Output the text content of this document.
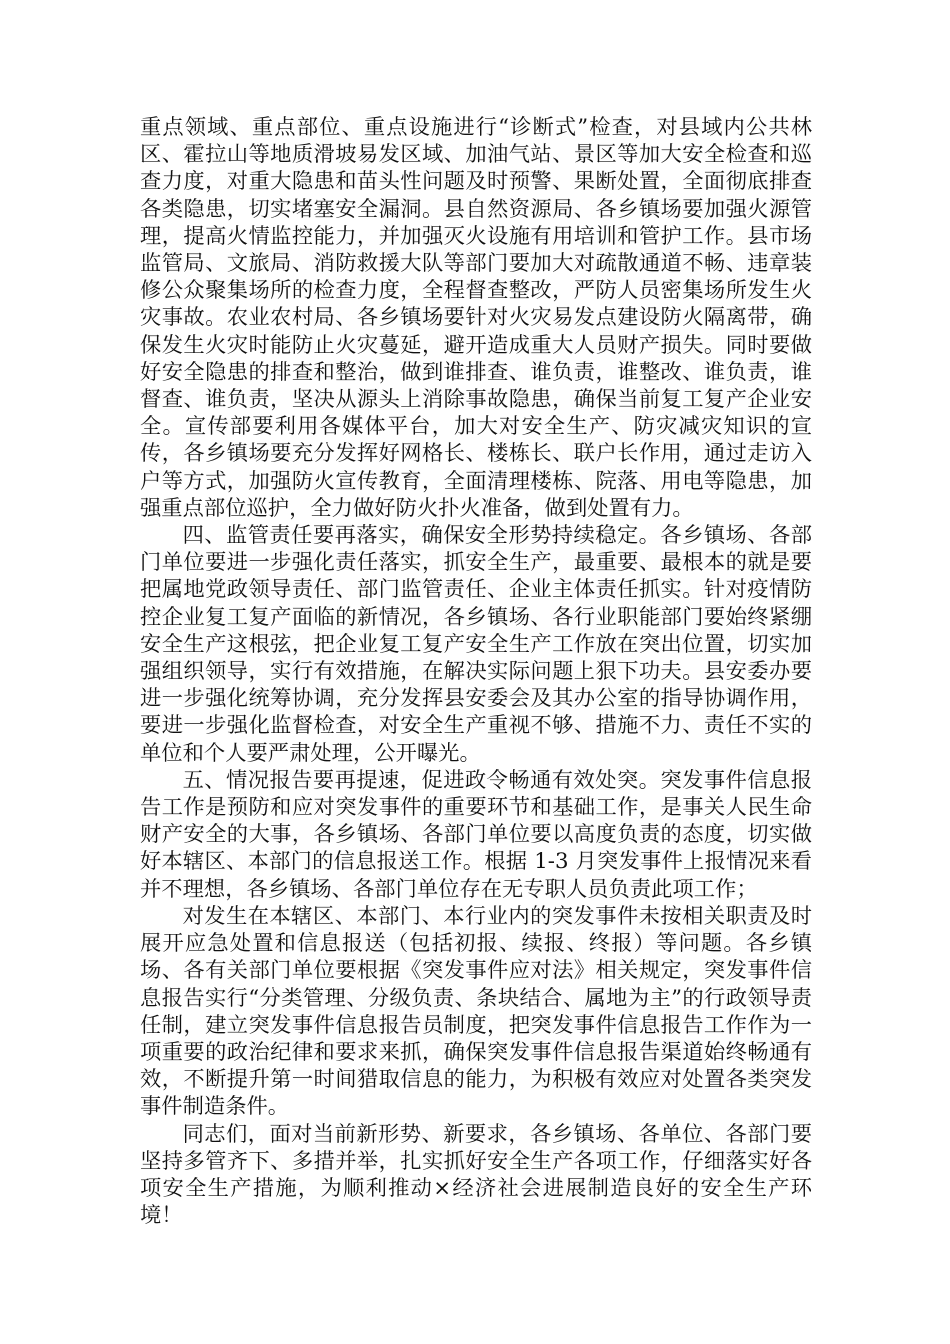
重点领域、重点部位、重点设施进行“诊断式”检查，对县域内公共林区、霍拉山等地质滑坡易发区域、加油气站、景区等加大安全检查和巡查力度，对重大隐患和苗头性问题及时预警、果断处置，全面彻底排查各类隐患，切实堵塞安全漏洞。县自然资源局、各乡镇场要加强火源管理，提高火情监控能力，并加强灭火设施有用培训和管护工作。县市场监管局、文旅局、消防救援大队等部门要加大对疏散通道不畅、违章装修公众聚集场所的检查力度，全程督查整改，严防人员密集场所发生火灾事故。农业农村局、各乡镇场要针对火灾易发点建设防火隔离带，确保发生火灾时能防止火灾蔓延，避开造成重大人员财产损失。同时要做好安全隐患的排查和整治，做到谁排查、谁负责，谁整改、谁负责，谁督查、谁负责，坚决从源头上消除事故隐患，确保当前复工复产企业安全。宣传部要利用各媒体平台，加大对安全生产、防灾减灾知识的宣传，各乡镇场要充分发挥好网格长、楼栋长、联户长作用，通过走访入户等方式，加强防火宣传教育，全面清理楼栋、院落、用电等隐患，加强重点部位巡护，全力做好防火扑火准备，做到处置有力。

四、监管责任要再落实，确保安全形势持续稳定。各乡镇场、各部门单位要进一步强化责任落实，抓安全生产，最重要、最根本的就是要把属地党政领导责任、部门监管责任、企业主体责任抓实。针对疫情防控企业复工复产面临的新情况，各乡镇场、各行业职能部门要始终紧绷安全生产这根弦，把企业复工复产安全生产工作放在突出位置，切实加强组织领导，实行有效措施，在解决实际问题上狠下功夫。县安委办要进一步强化统筹协调，充分发挥县安委会及其办公室的指导协调作用，要进一步强化监督检查，对安全生产重视不够、措施不力、责任不实的单位和个人要严肃处理，公开曝光。

五、情况报告要再提速，促进政令畅通有效处突。突发事件信息报告工作是预防和应对突发事件的重要环节和基础工作，是事关人民生命财产安全的大事，各乡镇场、各部门单位要以高度负责的态度，切实做好本辖区、本部门的信息报送工作。根据 1-3 月突发事件上报情况来看并不理想，各乡镇场、各部门单位存在无专职人员负责此项工作；

对发生在本辖区、本部门、本行业内的突发事件未按相关职责及时展开应急处置和信息报送（包括初报、续报、终报）等问题。各乡镇场、各有关部门单位要根据《突发事件应对法》相关规定，突发事件信息报告实行“分类管理、分级负责、条块结合、属地为主”的行政领导责任制，建立突发事件信息报告员制度，把突发事件信息报告工作作为一项重要的政治纪律和要求来抓，确保突发事件信息报告渠道始终畅通有效，不断提升第一时间猎取信息的能力，为积极有效应对处置各类突发事件制造条件。

同志们，面对当前新形势、新要求，各乡镇场、各单位、各部门要坚持多管齐下、多措并举，扎实抓好安全生产各项工作，仔细落实好各项安全生产措施，为顺利推动×经济社会进展制造良好的安全生产环境！
